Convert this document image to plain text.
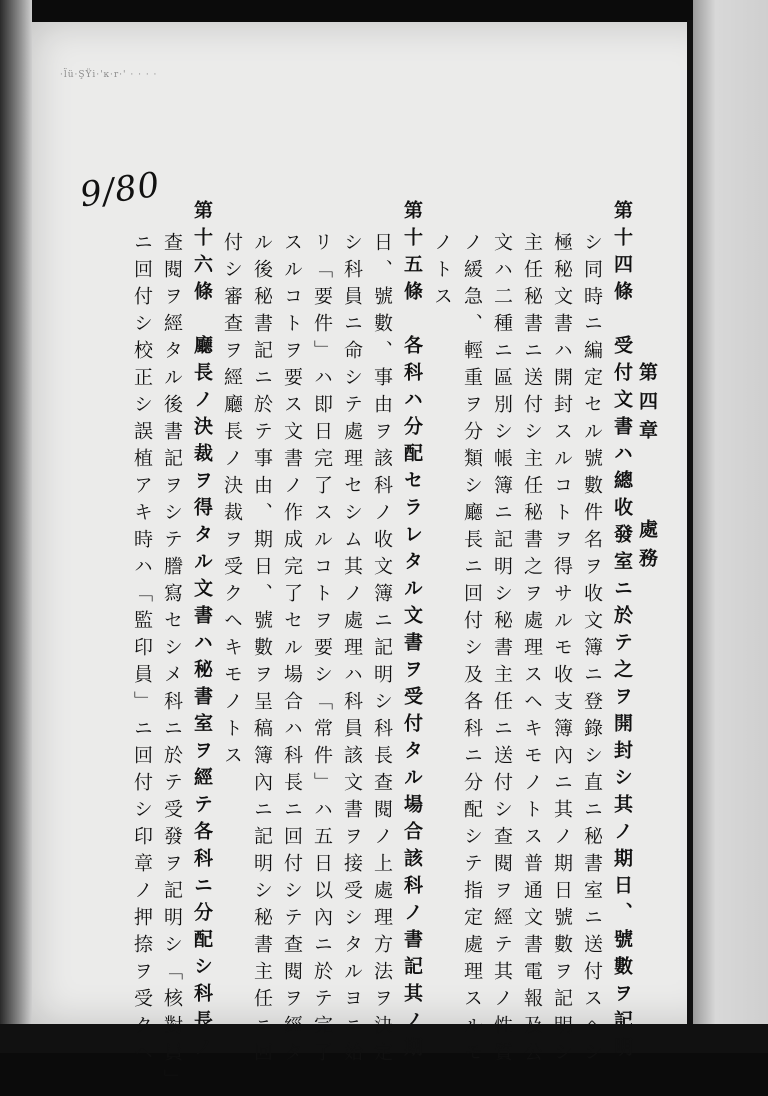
·l̈ü·ŞŸi·'ĸ·r·' · · · ·
9/80
第四章處務
第十四條　受付文書ハ總收發室ニ於テ之ヲ開封シ其ノ期日、號數ヲ記明
シ同時ニ編定セル號數件名ヲ收文簿ニ登錄シ直ニ秘書室ニ送付スヘシ
極秘文書ハ開封スルコトヲ得サルモ收支簿內ニ其ノ期日號數ヲ記明シ
主任秘書ニ送付シ主任秘書之ヲ處理スヘキモノトス普通文書電報及公
文ハ二種ニ區別シ帳簿ニ記明シ秘書主任ニ送付シ查閱ヲ經テ其ノ性質
ノ緩急、輕重ヲ分類シ廳長ニ回付シ及各科ニ分配シテ指定處理スルモ
ノトス
第十五條　各科ハ分配セラレタル文書ヲ受付タル場合該科ノ書記其ノ期
日、號數、事由ヲ該科ノ收文簿ニ記明シ科長查閱ノ上處理方法ヲ決定
シ科員ニ命シテ處理セシム其ノ處理ハ科員該文書ヲ接受シタルヨニ始
リ「要件」ハ即日完了スルコトヲ要シ「常件」ハ五日以內ニ於テ完了
スルコトヲ要ス文書ノ作成完了セル場合ハ科長ニ回付シテ查閱ヲ經タ
ル後秘書記ニ於テ事由、期日、號數ヲ呈稿簿內ニ記明シ秘書主任ニ回
付シ審查ヲ經廳長ノ決裁ヲ受クヘキモノトス
第十六條　廳長ノ決裁ヲ得タル文書ハ秘書室ヲ經テ各科ニ分配シ科長ノ
查閱ヲ經タル後書記ヲシテ謄寫セシメ科ニ於テ受發ヲ記明シ「核對員」
ニ回付シ校正シ誤植アキ時ハ「監印員」ニ回付シ印章ノ押捺ヲ受クヘ
